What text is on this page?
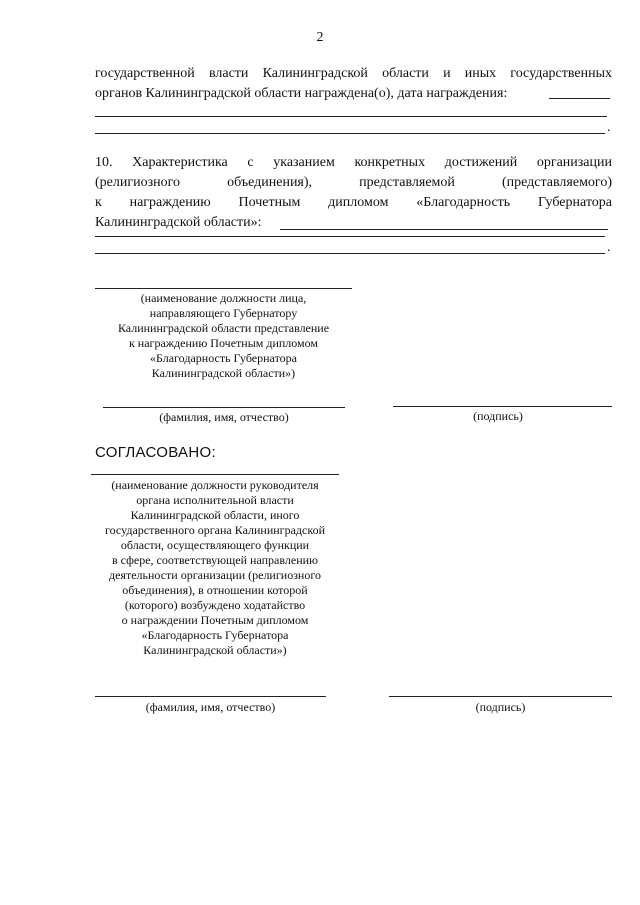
2
государственной власти Калининградской области и иных государственных
органов Калининградской области награждена(о), дата награждения:
.
10. Характеристика с указанием конкретных достижений организации
(религиозного объединения), представляемой (представляемого)
к награждению Почетным дипломом «Благодарность Губернатора
Калининградской области»:
.
(наименование должности лица,
направляющего Губернатору
Калининградской области представление
к награждению Почетным дипломом
«Благодарность Губернатора
Калининградской области»)
(фамилия, имя, отчество)	(подпись)
СОГЛАСОВАНО:
(наименование должности руководителя
органа исполнительной власти
Калининградской области, иного
государственного органа Калининградской
области, осуществляющего функции
в сфере, соответствующей направлению
деятельности организации (религиозного
объединения), в отношении которой
(которого) возбуждено ходатайство
о награждении Почетным дипломом
«Благодарность Губернатора
Калининградской области»)
(фамилия, имя, отчество)	(подпись)
